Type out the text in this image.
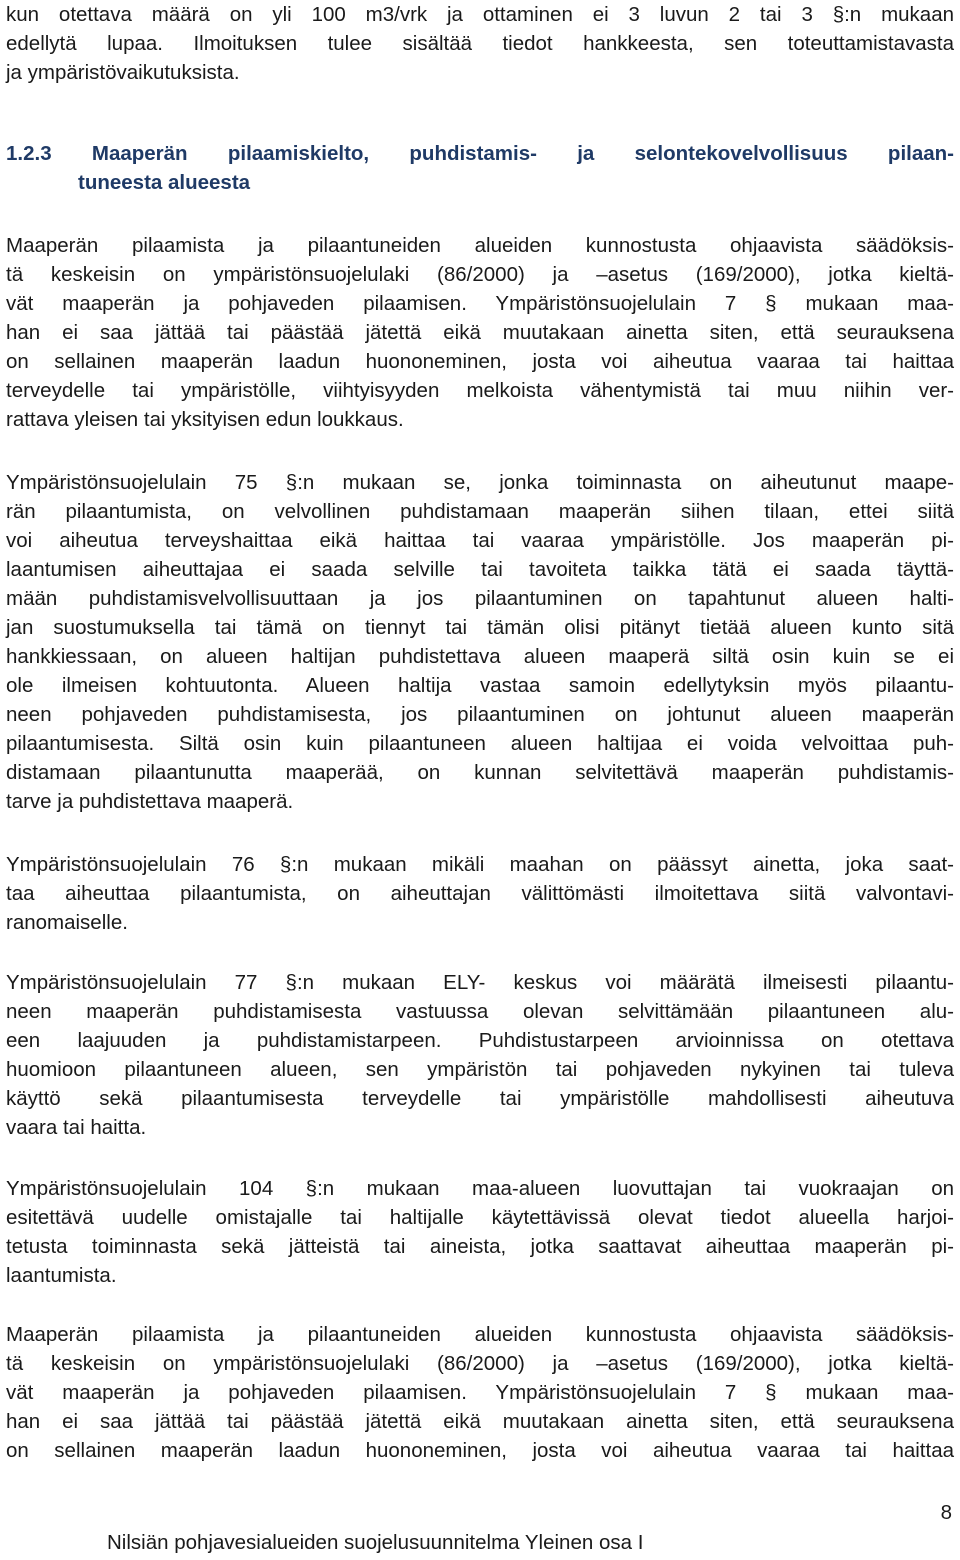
kun otettava määrä on yli 100 m3/vrk ja ottaminen ei 3 luvun 2 tai 3 §:n mukaan
edellytä lupaa. Ilmoituksen tulee sisältää tiedot hankkeesta, sen toteuttamistavasta
ja ympäristövaikutuksista.
1.2.3 Maaperän pilaamiskielto, puhdistamis- ja selontekovelvollisuus pilaan-
tuneesta alueesta
Maaperän pilaamista ja pilaantuneiden alueiden kunnostusta ohjaavista säädöksis-
tä keskeisin on ympäristönsuojelulaki (86/2000) ja –asetus (169/2000), jotka kieltä-
vät maaperän ja pohjaveden pilaamisen. Ympäristönsuojelulain 7 § mukaan maa-
han ei saa jättää tai päästää jätettä eikä muutakaan ainetta siten, että seurauksena
on sellainen maaperän laadun huononeminen, josta voi aiheutua vaaraa tai haittaa
terveydelle tai ympäristölle, viihtyisyyden melkoista vähentymistä tai muu niihin ver-
rattava yleisen tai yksityisen edun loukkaus.
Ympäristönsuojelulain 75 §:n mukaan se, jonka toiminnasta on aiheutunut maape-
rän pilaantumista, on velvollinen puhdistamaan maaperän siihen tilaan, ettei siitä
voi aiheutua terveyshaittaa eikä haittaa tai vaaraa ympäristölle. Jos maaperän pi-
laantumisen aiheuttajaa ei saada selville tai tavoiteta taikka tätä ei saada täyttä-
mään puhdistamisvelvollisuuttaan ja jos pilaantuminen on tapahtunut alueen halti-
jan suostumuksella tai tämä on tiennyt tai tämän olisi pitänyt tietää alueen kunto sitä
hankkiessaan, on alueen haltijan puhdistettava alueen maaperä siltä osin kuin se ei
ole ilmeisen kohtuutonta. Alueen haltija vastaa samoin edellytyksin myös pilaantu-
neen pohjaveden puhdistamisesta, jos pilaantuminen on johtunut alueen maaperän
pilaantumisesta. Siltä osin kuin pilaantuneen alueen haltijaa ei voida velvoittaa puh-
distamaan pilaantunutta maaperää, on kunnan selvitettävä maaperän puhdistamis-
tarve ja puhdistettava maaperä.
Ympäristönsuojelulain 76 §:n mukaan mikäli maahan on päässyt ainetta, joka saat-
taa aiheuttaa pilaantumista, on aiheuttajan välittömästi ilmoitettava siitä valvontavi-
ranomaiselle.
Ympäristönsuojelulain 77 §:n mukaan ELY- keskus voi määrätä ilmeisesti pilaantu-
neen maaperän puhdistamisesta vastuussa olevan selvittämään pilaantuneen alu-
een laajuuden ja puhdistamistarpeen. Puhdistustarpeen arvioinnissa on otettava
huomioon pilaantuneen alueen, sen ympäristön tai pohjaveden nykyinen tai tuleva
käyttö sekä pilaantumisesta terveydelle tai ympäristölle mahdollisesti aiheutuva
vaara tai haitta.
Ympäristönsuojelulain 104 §:n mukaan maa-alueen luovuttajan tai vuokraajan on
esitettävä uudelle omistajalle tai haltijalle käytettävissä olevat tiedot alueella harjoi-
tetusta toiminnasta sekä jätteistä tai aineista, jotka saattavat aiheuttaa maaperän pi-
laantumista.
Maaperän pilaamista ja pilaantuneiden alueiden kunnostusta ohjaavista säädöksis-
tä keskeisin on ympäristönsuojelulaki (86/2000) ja –asetus (169/2000), jotka kieltä-
vät maaperän ja pohjaveden pilaamisen. Ympäristönsuojelulain 7 § mukaan maa-
han ei saa jättää tai päästää jätettä eikä muutakaan ainetta siten, että seurauksena
on sellainen maaperän laadun huononeminen, josta voi aiheutua vaaraa tai haittaa
8
Nilsiän pohjavesialueiden suojelusuunnitelma Yleinen osa I
